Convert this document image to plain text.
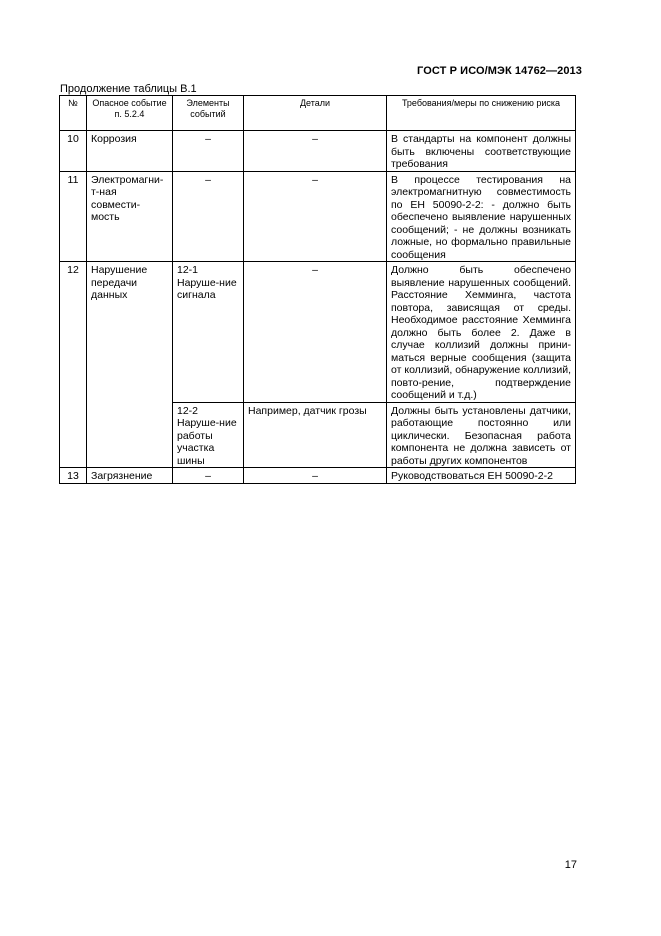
ГОСТ Р ИСО/МЭК 14762—2013
Продолжение таблицы В.1
№	Опасное событие п. 5.2.4	Элементы событий	Детали	Требования/меры по снижению риска
10	Коррозия	–	–	В стандарты на компонент должны быть включены соответствующие требования
11	Электромагнит-ная совмести-мость	–	–	В процессе тестирования на электромагнитную совместимость по ЕН 50090-2-2: - должно быть обеспечено выявление нарушенных сообщений; - не должны возникать ложные, но формально правильные сообщения
12	Нарушение передачи данных	12-1 Наруше-ние сигнала	–	Должно быть обеспечено выявление нарушенных сообщений. Расстояние Хемминга, частота повтора, зависящая от среды. Необходимое расстояние Хемминга должно быть более 2. Даже в случае коллизий должны прини-маться верные сообщения (защита от коллизий, обнаружение коллизий, повто-рение, подтверждение сообщений и т.д.)
		12-2 Наруше-ние работы участка шины	Например, датчик грозы	Должны быть установлены датчики, работающие постоянно или циклически. Безопасная работа компонента не должна зависеть от работы других компонентов
13	Загрязнение	–	–	Руководствоваться ЕН 50090-2-2
17
